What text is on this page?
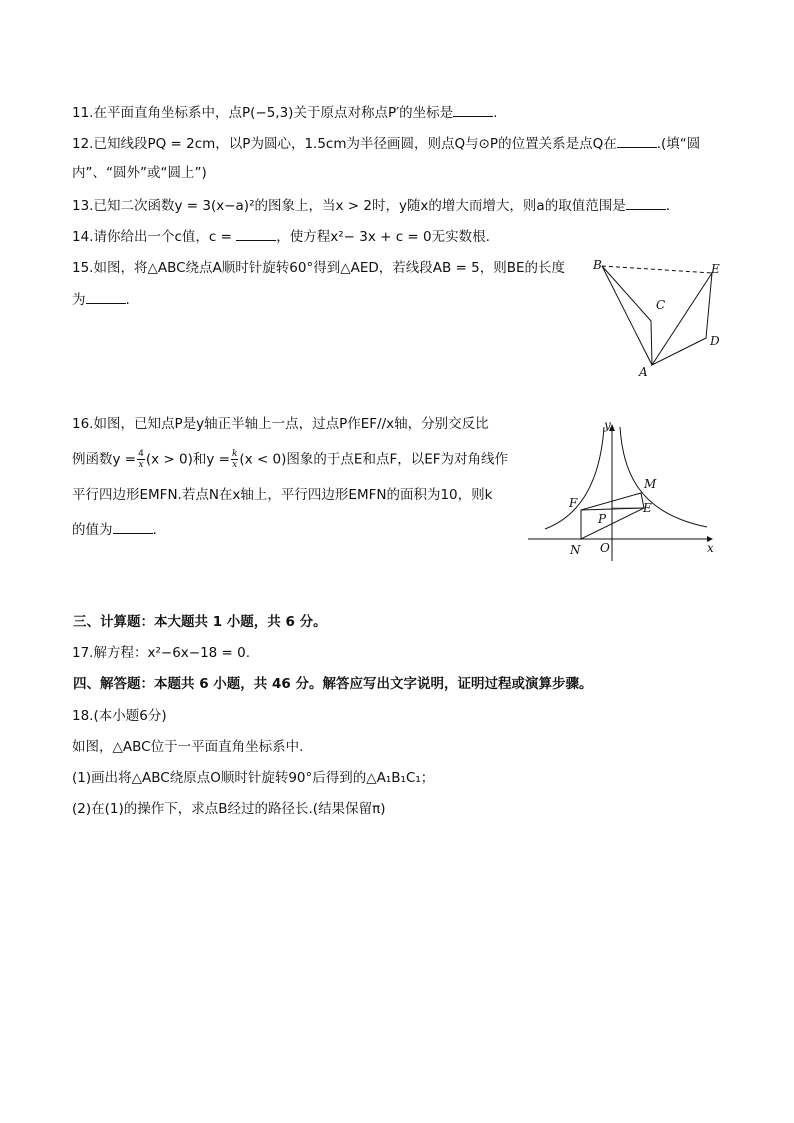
11.在平面直角坐标系中，点P(−5,3)关于原点对称点P′的坐标是	.
12.已知线段PQ = 2cm，以P为圆心，1.5cm为半径画圆，则点Q与⊙P的位置关系是点Q在	.(填“圆
内”、“圆外”或“圆上”)
13.已知二次函数y = 3(x−a)²的图象上，当x > 2时，y随x的增大而增大，则a的取值范围是	.
14.请你给出一个c值，c =	，使方程x²− 3x + c = 0无实数根.
15.如图，将△ABC绕点A顺时针旋转60°得到△AED，若线段AB = 5，则BE的长度
为	.
B	E
C
D
A
16.如图，已知点P是y轴正半轴上一点，过点P作EF//x轴，分别交反比
例函数$y = \frac{4}{x} (x > 0)$和$y = \frac{k}{x} (x < 0)$图象的于点E和点F，以EF为对角线作
平行四边形EMFN.若点N在x轴上，平行四边形EMFN的面积为10，则k
的值为	.
M
F	E
P
N O
y
x
三、计算题：本大题共 1 小题，共 6 分。
17.解方程：x²−6x−18 = 0.
四、解答题：本题共 6 小题，共 46 分。解答应写出文字说明，证明过程或演算步骤。
18.(本小题6分)
如图，△ABC位于一平面直角坐标系中.
(1)画出将△ABC绕原点O顺时针旋转90°后得到的△A₁B₁C₁；
(2)在(1)的操作下，求点B经过的路径长.(结果保留π)
